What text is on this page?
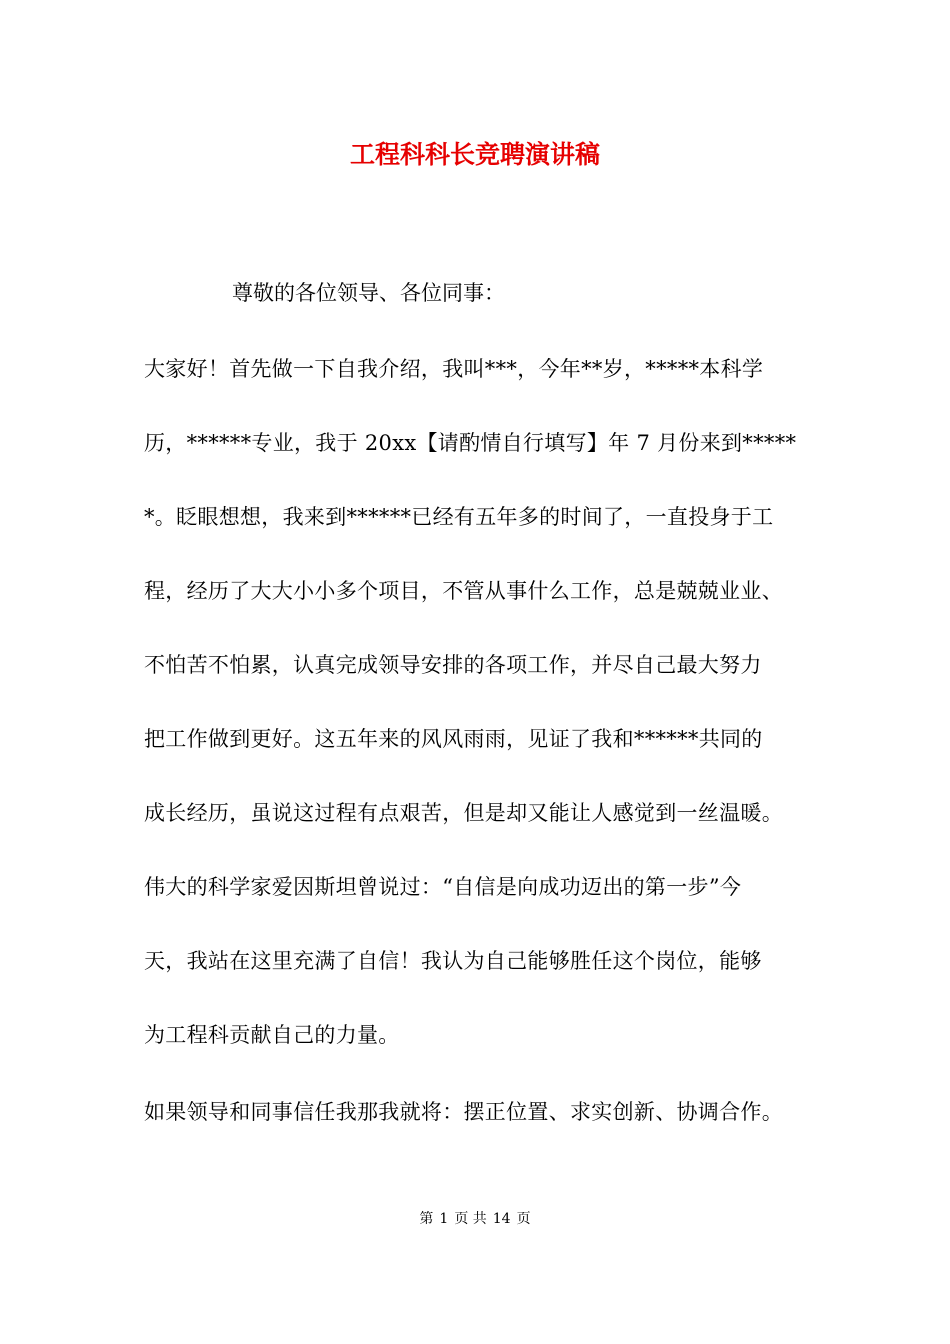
工程科科长竞聘演讲稿
尊敬的各位领导、各位同事：
大家好！首先做一下自我介绍，我叫***，今年**岁，*****本科学
历，******专业，我于 20xx【请酌情自行填写】年 7 月份来到*****
*。眨眼想想，我来到******已经有五年多的时间了，一直投身于工
程，经历了大大小小多个项目，不管从事什么工作，总是兢兢业业、
不怕苦不怕累，认真完成领导安排的各项工作，并尽自己最大努力
把工作做到更好。这五年来的风风雨雨，见证了我和******共同的
成长经历，虽说这过程有点艰苦，但是却又能让人感觉到一丝温暖。
伟大的科学家爱因斯坦曾说过：“自信是向成功迈出的第一步”今
天，我站在这里充满了自信！我认为自己能够胜任这个岗位，能够
为工程科贡献自己的力量。
如果领导和同事信任我那我就将：摆正位置、求实创新、协调合作。
第 1 页 共 14 页
